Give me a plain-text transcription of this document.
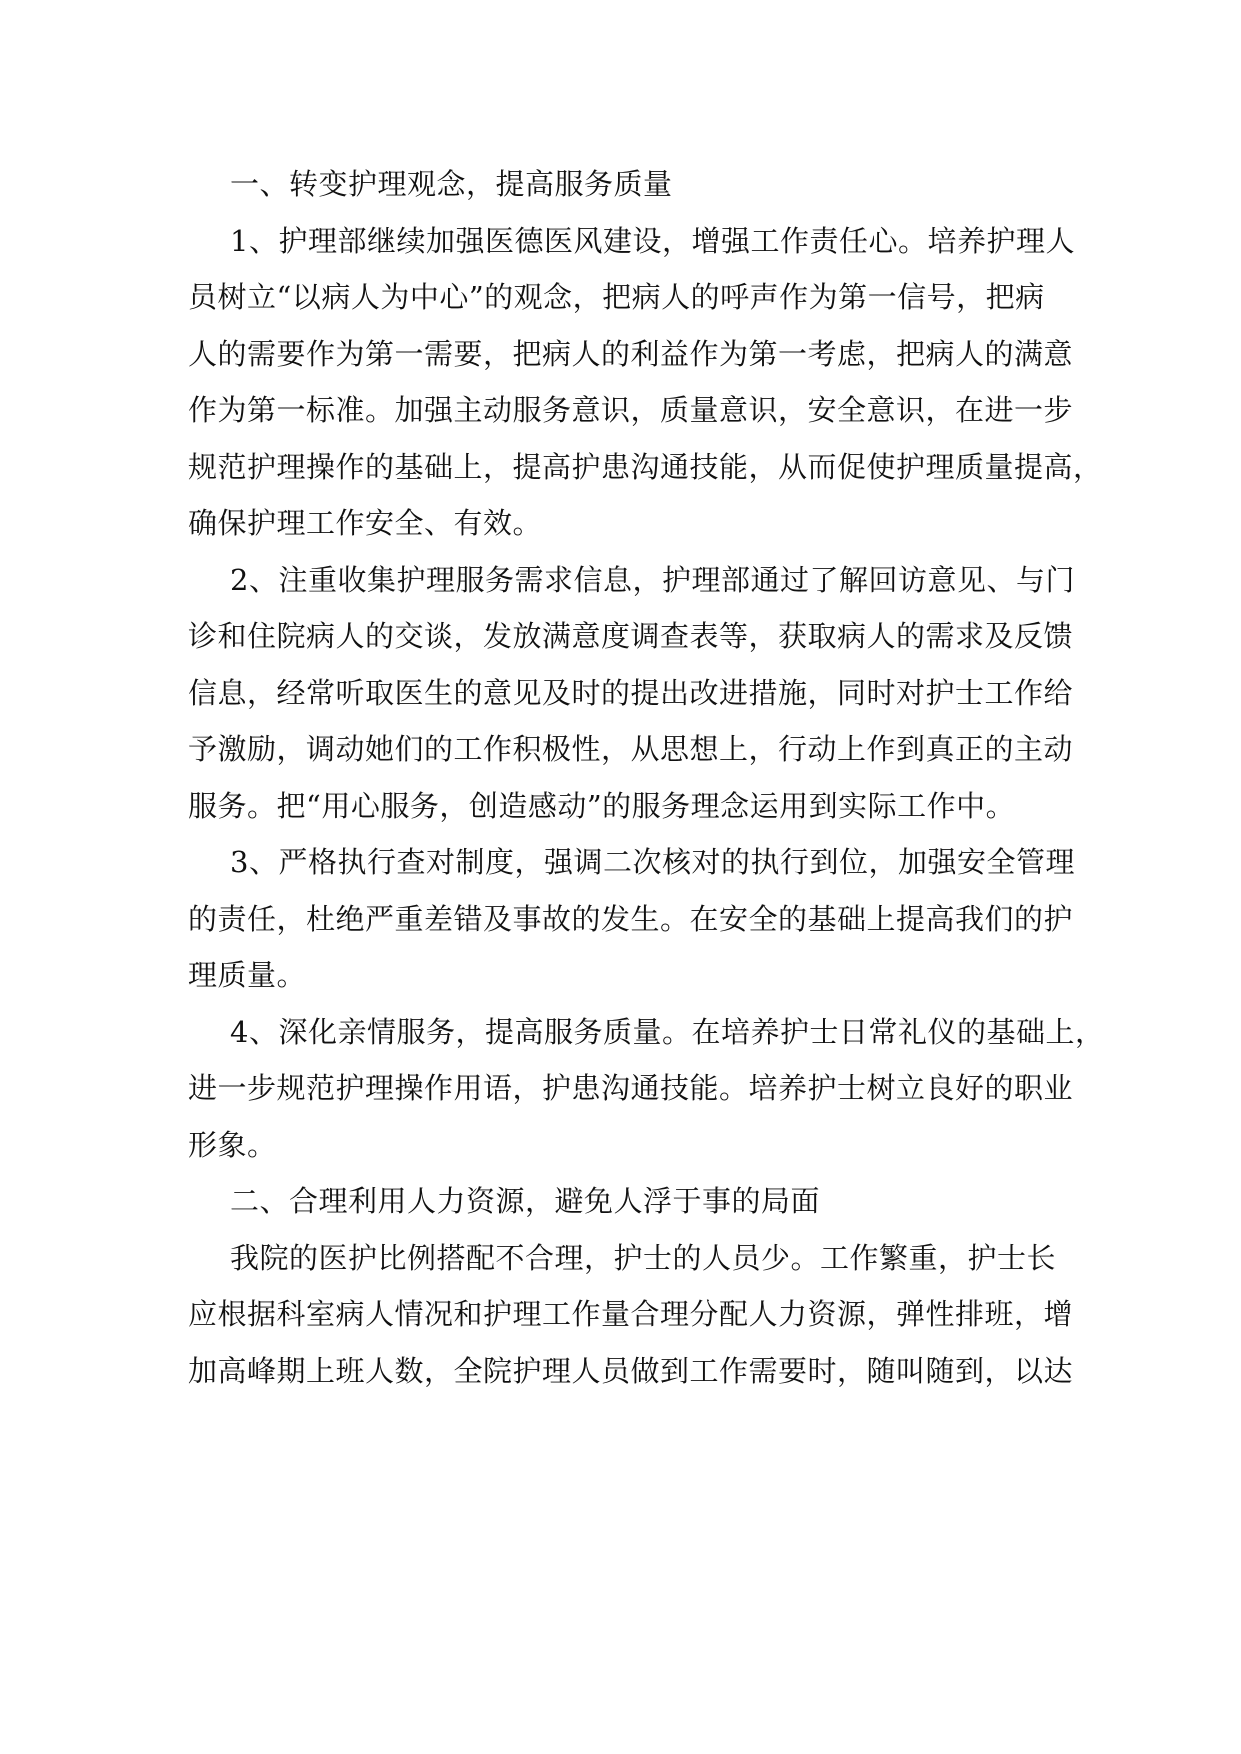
一、转变护理观念，提高服务质量
1、护理部继续加强医德医风建设，增强工作责任心。培养护理人
员树立“以病人为中心”的观念，把病人的呼声作为第一信号，把病
人的需要作为第一需要，把病人的利益作为第一考虑，把病人的满意
作为第一标准。加强主动服务意识，质量意识，安全意识，在进一步
规范护理操作的基础上，提高护患沟通技能，从而促使护理质量提高，
确保护理工作安全、有效。
2、注重收集护理服务需求信息，护理部通过了解回访意见、与门
诊和住院病人的交谈，发放满意度调查表等，获取病人的需求及反馈
信息，经常听取医生的意见及时的提出改进措施，同时对护士工作给
予激励，调动她们的工作积极性，从思想上，行动上作到真正的主动
服务。把“用心服务，创造感动”的服务理念运用到实际工作中。
3、严格执行查对制度，强调二次核对的执行到位，加强安全管理
的责任，杜绝严重差错及事故的发生。在安全的基础上提高我们的护
理质量。
4、深化亲情服务，提高服务质量。在培养护士日常礼仪的基础上，
进一步规范护理操作用语，护患沟通技能。培养护士树立良好的职业
形象。
二、合理利用人力资源，避免人浮于事的局面
我院的医护比例搭配不合理，护士的人员少。工作繁重，护士长
应根据科室病人情况和护理工作量合理分配人力资源，弹性排班，增
加高峰期上班人数，全院护理人员做到工作需要时，随叫随到，以达
